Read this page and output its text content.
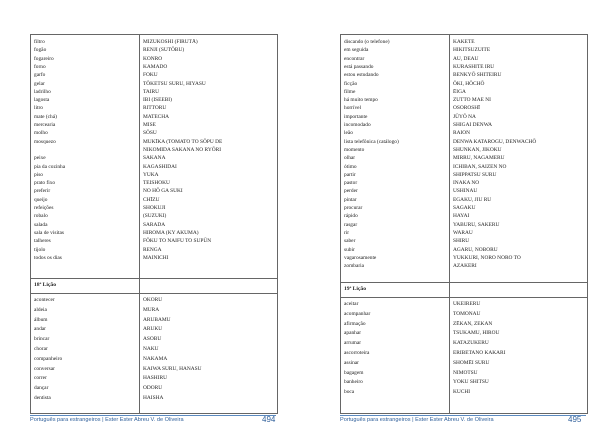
filtro	MIZUKOSHI (FIRUTĀ)
fogão	RENJI (SUTŌBU)
fogareiro	KONRO
forno	KAMADO
garfo	FOKU
gelar	TŌKETSU SURU, HIYASU
ladrilho	TAIRU
lagosta	IBI (ISEEBI)
litro	RITTORU
mate (chá)	MATECHA
mercearia	MISE
molho	SŌSU
mosquezo	MUKĪKA (TOMATO TO SŌPU DE
NIKOMIDA SAKANA NO RYŌRI
peixe	SAKANA
pia da cozinha	KAGASHIDAI
piso	YUKA
prato fixo	TEISHOKU
preferir	NO HŌ GA SUKI
queijo	CHĪZU
refeições	SHOKUJI
robalo	(SUZUKI)
salada	SARADA
sala de visitas	HIROMA (KY AKUMA)
talheres	FŌKU TO NAIFU TO SUPŪN
tijolo	RENGA
todos os dias	MAINICHI
18ª Lição
acontecer	OKORU
aldeia	MURA
álbum	ARUBAMU
andar	ARUKU
brincar	ASOBU
chorar	NAKU
companheiro	NAKAMA
conversar	KAIWA SURU, HANASU
correr	HASHIRU
dançar	ODORU
dentista	HAISHA
Português para estrangeiros | Ester Ester Abreu V. de Oliveira	494
discando (o telefone)	KAKETE
em seguida	HIKITSUZUITE
encontrar	AU, DEAU
está passando	KURASHITE IRU
estou estudando	BENKYŌ SHITEIRU
ficção	ŌKI, HŌCHŌ
filme	ĒIGA
há muito tempo	ZUTTO MAE NI
horrível	OSOROSHĪ
importante	JŪYŌ NA
incomodado	SHIGAI DENWA
leão	RAION
lista telefônica (catálogo)	DENWA KATAROGU, DENWACHŌ
momento	SHUNKAN, JIKOKU
olhar	MIRRU, NAGAMERU
ótimo	ICHIBAN, SAIZEN NO
partir	SHIPPATSU SURU
pastor	INAKA NO
perder	USHINAU
pintar	EGAKU, JIU RU
procurar	SAGAKU
rápido	HAYAI
rasgar	YABURU, SAKERU
rir	WARAU
saber	SHIRU
subir	AGARU, NOBORU
vagarosamente	YUKKURI, NORO NORO TO
zombaria	AZAKERI
19ª Lição
aceitar	UKEIRERU
acompanhar	TOMONAU
afirmação	ZĒKAN, ZEKAN
apanhar	TSUKAMU, HIROU
arrumar	KATAZUKERU
ascorroteira	ERIBETANO KAKARI
assinar	SHOMĒI SURU
bagagem	NIMOTSU
banheiro	YOKU SHITSU
boca	KUCHI
Português para estrangeiros | Ester Ester Abreu V. de Oliveira	495
